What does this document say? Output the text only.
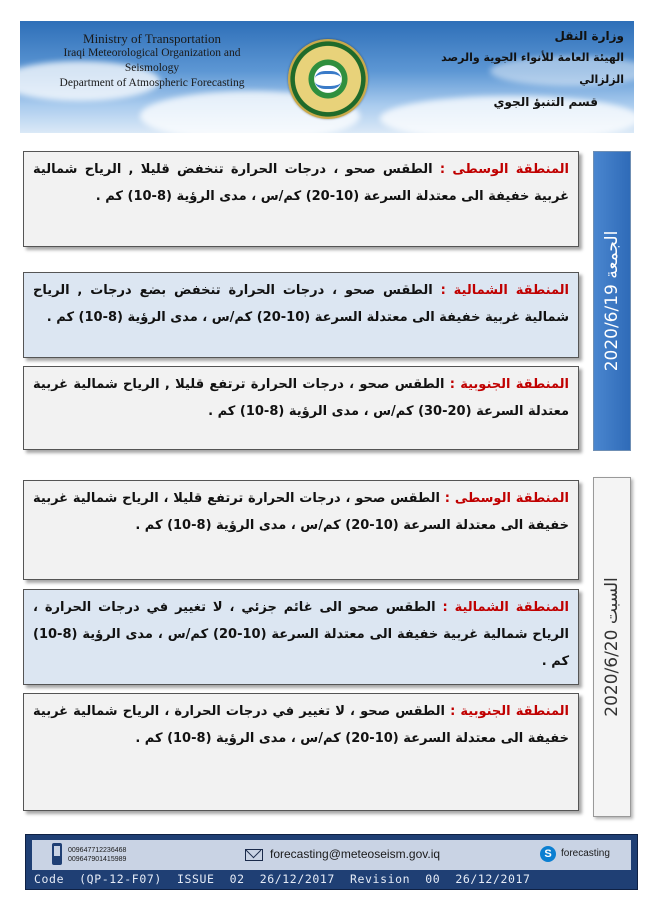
Ministry of Transportation
Iraqi Meteorological Organization and Seismology
Department of Atmospheric Forecasting
وزارة النقل
الهيئة العامة للأنواء الجوية والرصد الزلزالي
قسم التنبؤ الجوي
المنطقة الوسطى : الطقس صحو ، درجات الحرارة تنخفض قليلا , الرياح شمالية غربية خفيفة الى معتدلة السرعة (10-20) كم/س ، مدى الرؤية (8-10) كم .
المنطقة الشمالية : الطقس صحو ، درجات الحرارة تنخفض بضع درجات , الرياح شمالية غربية خفيفة الى معتدلة السرعة (10-20) كم/س ، مدى الرؤية (8-10) كم .
المنطقة الجنوبية : الطقس صحو ، درجات الحرارة ترتفع قليلا , الرياح شمالية غربية معتدلة السرعة (20-30) كم/س ، مدى الرؤية (8-10) كم .
الجمعة 2020/6/19
المنطقة الوسطى : الطقس صحو ، درجات الحرارة ترتفع قليلا ، الرياح شمالية غربية خفيفة الى معتدلة السرعة (10-20) كم/س ، مدى الرؤية (8-10) كم .
المنطقة الشمالية : الطقس صحو الى غائم جزئي ، لا تغيير في درجات الحرارة ، الرياح شمالية غربية خفيفة الى معتدلة السرعة (10-20) كم/س ، مدى الرؤية (8-10) كم .
المنطقة الجنوبية : الطقس صحو ، لا تغيير في درجات الحرارة ، الرياح شمالية غربية خفيفة الى معتدلة السرعة (10-20) كم/س ، مدى الرؤية (8-10) كم .
السبت 2020/6/20
009647712236468
009647901415989	forecasting@meteoseism.gov.iq	S forecasting
Code  (QP-12-F07)  ISSUE  02  26/12/2017  Revision  00  26/12/2017
